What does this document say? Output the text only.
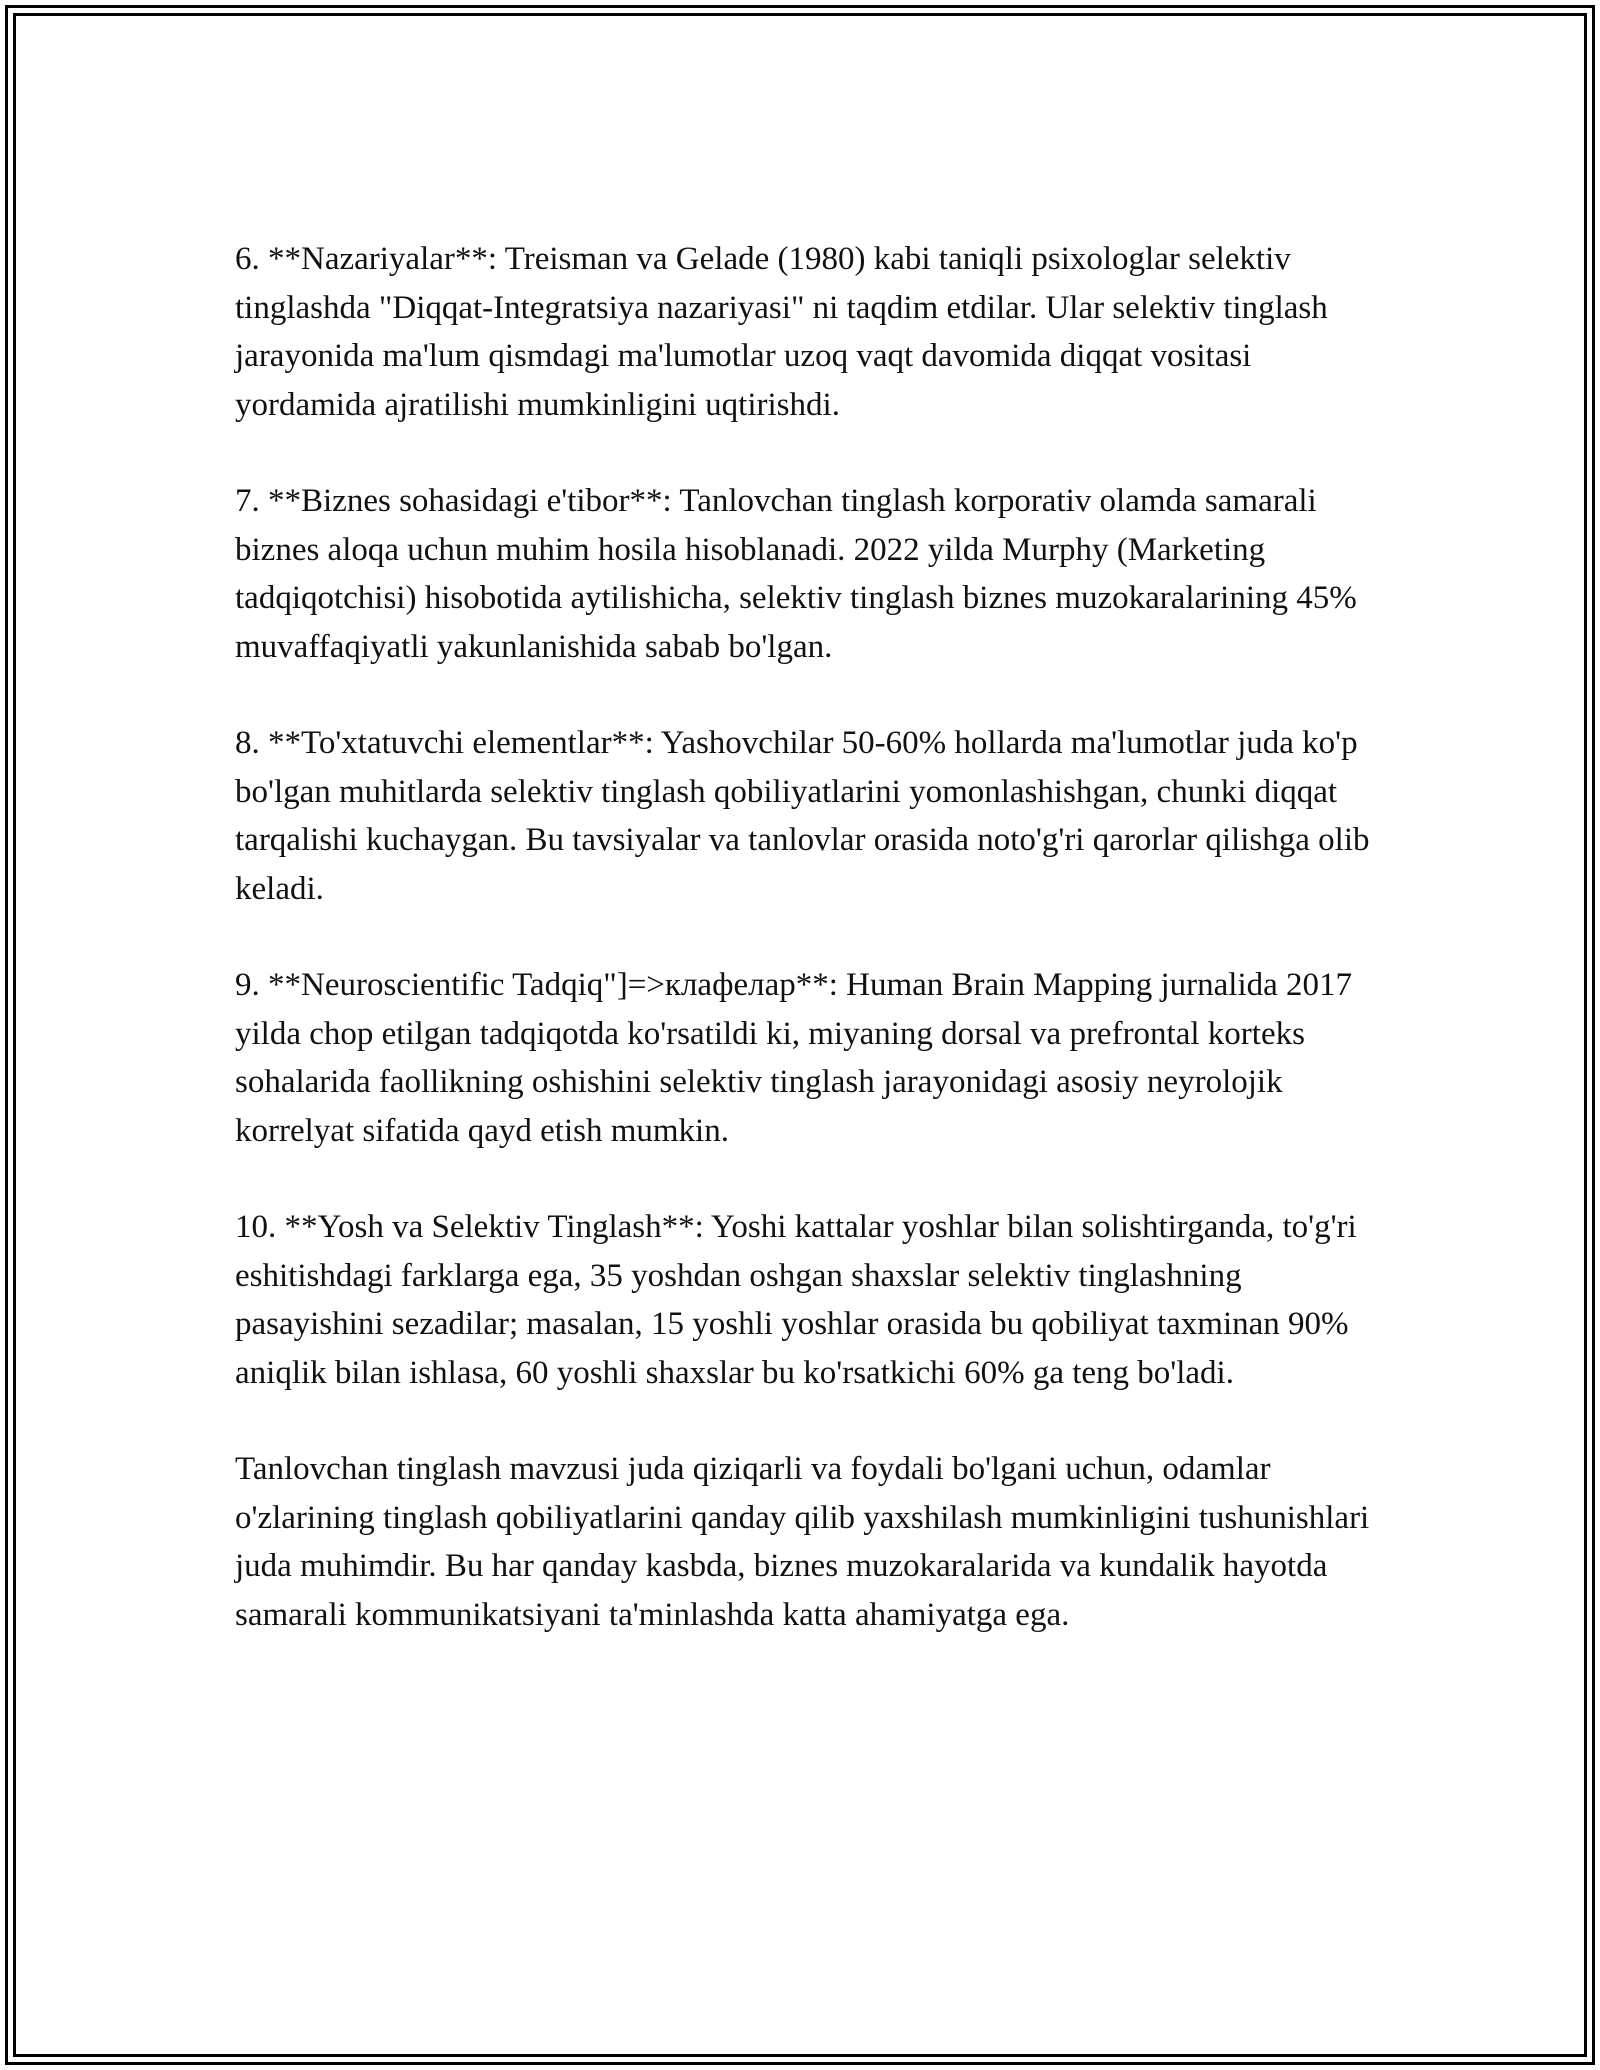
6. **Nazariyalar**: Treisman va Gelade (1980) kabi taniqli psixologlar selektiv tinglashda "Diqqat-Integratsiya nazariyasi" ni taqdim etdilar. Ular selektiv tinglash jarayonida ma'lum qismdagi ma'lumotlar uzoq vaqt davomida diqqat vositasi yordamida ajratilishi mumkinligini uqtirishdi.

7. **Biznes sohasidagi e'tibor**: Tanlovchan tinglash korporativ olamda samarali biznes aloqa uchun muhim hosila hisoblanadi. 2022 yilda Murphy (Marketing tadqiqotchisi) hisobotida aytilishicha, selektiv tinglash biznes muzokaralarining 45% muvaffaqiyatli yakunlanishida sabab bo'lgan.

8. **To'xtatuvchi elementlar**: Yashovchilar 50-60% hollarda ma'lumotlar juda ko'p bo'lgan muhitlarda selektiv tinglash qobiliyatlarini yomonlashishgan, chunki diqqat tarqalishi kuchaygan. Bu tavsiyalar va tanlovlar orasida noto'g'ri qarorlar qilishga olib keladi.

9. **Neuroscientific Tadqiq"]=>клафелар**: Human Brain Mapping jurnalida 2017 yilda chop etilgan tadqiqotda ko'rsatildi ki, miyaning dorsal va prefrontal korteks sohalarida faollikning oshishini selektiv tinglash jarayonidagi asosiy neyrolojik korrelyat sifatida qayd etish mumkin.

10. **Yosh va Selektiv Tinglash**: Yoshi kattalar yoshlar bilan solishtirganda, to'g'ri eshitishdagi farklarga ega, 35 yoshdan oshgan shaxslar selektiv tinglashning pasayishini sezadilar; masalan, 15 yoshli yoshlar orasida bu qobiliyat taxminan 90% aniqlik bilan ishlasa, 60 yoshli shaxslar bu ko'rsatkichi 60% ga teng bo'ladi.

Tanlovchan tinglash mavzusi juda qiziqarli va foydali bo'lgani uchun, odamlar o'zlarining tinglash qobiliyatlarini qanday qilib yaxshilash mumkinligini tushunishlari juda muhimdir. Bu har qanday kasbda, biznes muzokaralarida va kundalik hayotda samarali kommunikatsiyani ta'minlashda katta ahamiyatga ega.
